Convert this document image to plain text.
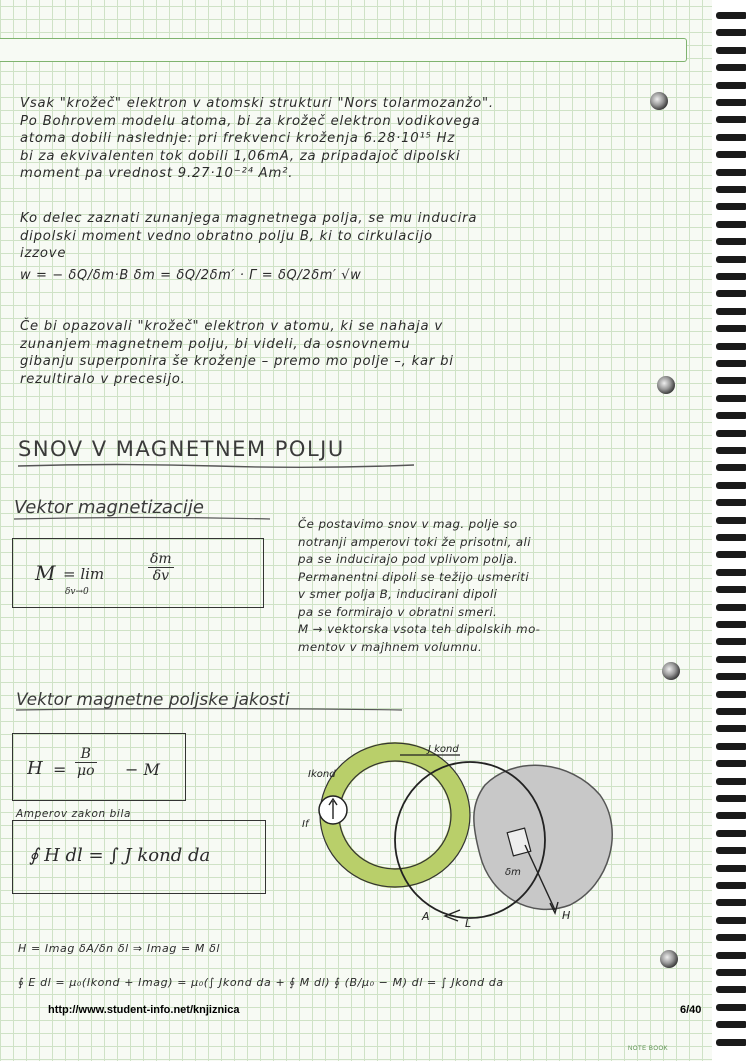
Vsak "krožeč" elektron v atomski strukturi "Nors tolarmozanžo".
Po Bohrovem modelu atoma, bi za krožeč elektron vodikovega
atoma dobili naslednje: pri frekvenci kroženja 6.28·10¹⁵ Hz
bi za ekvivalenten tok dobili 1,06mA, za pripadajoč dipolski
moment pa vrednost 9.27·10⁻²⁴ Am².
Ko delec zaznati zunanjega magnetnega polja, se mu inducira
dipolski moment vedno obratno polju B, ki to cirkulacijo
izzove
w = − δQ/δm·B δm = δQ/2δm′ · Γ = δQ/2δm′ √w
Če bi opazovali "krožeč" elektron v atomu, ki se nahaja v
zunanjem magnetnem polju, bi videli, da osnovnemu
gibanju superponira še kroženje – premo mo polje –, kar bi
rezultiralo v precesijo.
SNOV V MAGNETNEM POLJU
Vektor magnetizacije
M = lim
δv→0
$\frac{\delta m}{\delta v}$
Če postavimo snov v mag. polje so
notranji amperovi toki že prisotni, ali
pa se inducirajo pod vplivom polja.
Permanentni dipoli se težijo usmeriti
v smer polja B, inducirani dipoli
pa se formirajo v obratni smeri.
M → vektorska vsota teh dipolskih mo-
mentov v majhnem volumnu.
Vektor magnetne poljske jakosti
$H = \frac{B}{\mu o} - M$
Amperov zakon bila
∮ H dl = ∫ J kond da
J kond
Ikond
If
δm
A
L
H
H = Imag δA/δn δl ⇒ Imag = M δl
∮ E dl = μ₀(Ikond + Imag) = μ₀(∫ Jkond da + ∮ M dl) ∮ (B/μ₀ − M) dl = ∫ Jkond da
http://www.student-info.net/knjiznica	6/40
NOTE BOOK
